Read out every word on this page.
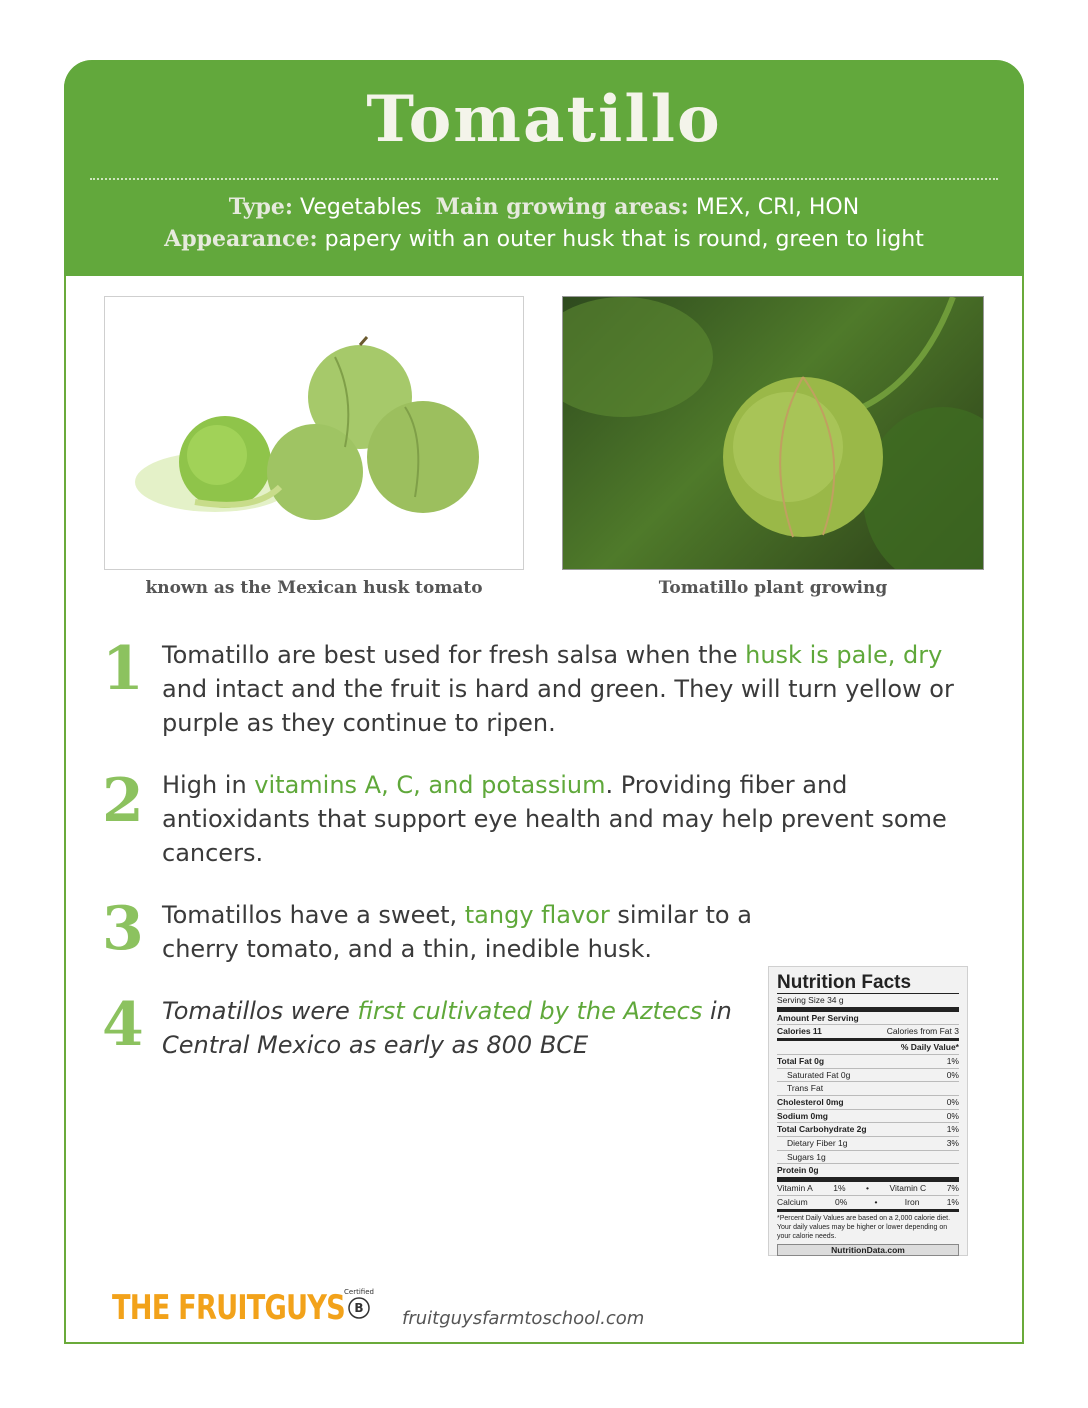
Tomatillo
Type: Vegetables Main growing areas: MEX, CRI, HON
Appearance: papery with an outer husk that is round, green to light
known as the Mexican husk tomato	Tomatillo plant growing
1 Tomatillo are best used for fresh salsa when the husk is pale, dry and intact and the fruit is hard and green. They will turn yellow or purple as they continue to ripen.
2 High in vitamins A, C, and potassium. Providing fiber and antioxidants that support eye health and may help prevent some cancers.
3 Tomatillos have a sweet, tangy flavor similar to a cherry tomato, and a thin, inedible husk.
4 Tomatillos were first cultivated by the Aztecs in Central Mexico as early as 800 BCE
Nutrition Facts
Serving Size 34 g
Amount Per Serving
Calories 11	Calories from Fat 3
% Daily Value*
Total Fat 0g	1%
Saturated Fat 0g	0%
Trans Fat
Cholesterol 0mg	0%
Sodium 0mg	0%
Total Carbohydrate 2g	1%
Dietary Fiber 1g	3%
Sugars 1g
Protein 0g
Vitamin A 1% • Vitamin C 7%
Calcium	0%	•	Iron	1%
*Percent Daily Values are based on a 2,000 calorie diet. Your daily values may be higher or lower depending on your calorie needs.
NutritionData.com
THE FRUITGUYS Certified
B fruitguysfarmtoschool.com
